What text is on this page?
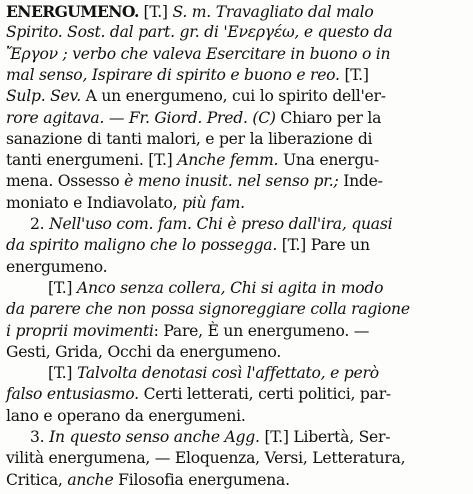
ENERGUMENO. [T.] S. m. Travagliato dal malo
Spirito. Sost. dal part. gr. di 'Ενεργέω, e questo da
Ἔργον ; verbo che valeva Esercitare in buono o in
mal senso, Ispirare di spirito e buono e reo. [T.]
Sulp. Sev. A un energumeno, cui lo spirito dell'er-
rore agitava. — Fr. Giord. Pred. (C) Chiaro per la
sanazione di tanti malori, e per la liberazione di
tanti energumeni. [T.] Anche femm. Una energu-
mena. Ossesso è meno inusit. nel senso pr.; Inde-
moniato e Indiavolato, più fam.
2. Nell'uso com. fam. Chi è preso dall'ira, quasi
da spirito maligno che lo possegga. [T.] Pare un
energumeno.
[T.] Anco senza collera, Chi si agita in modo
da parere che non possa signoreggiare colla ragione
i proprii movimenti: Pare, È un energumeno. —
Gesti, Grida, Occhi da energumeno.
[T.] Talvolta denotasi così l'affettato, e però
falso entusiasmo. Certi letterati, certi politici, par-
lano e operano da energumeni.
3. In questo senso anche Agg. [T.] Libertà, Ser-
vilità energumena, — Eloquenza, Versi, Letteratura,
Critica, anche Filosofia energumena.
